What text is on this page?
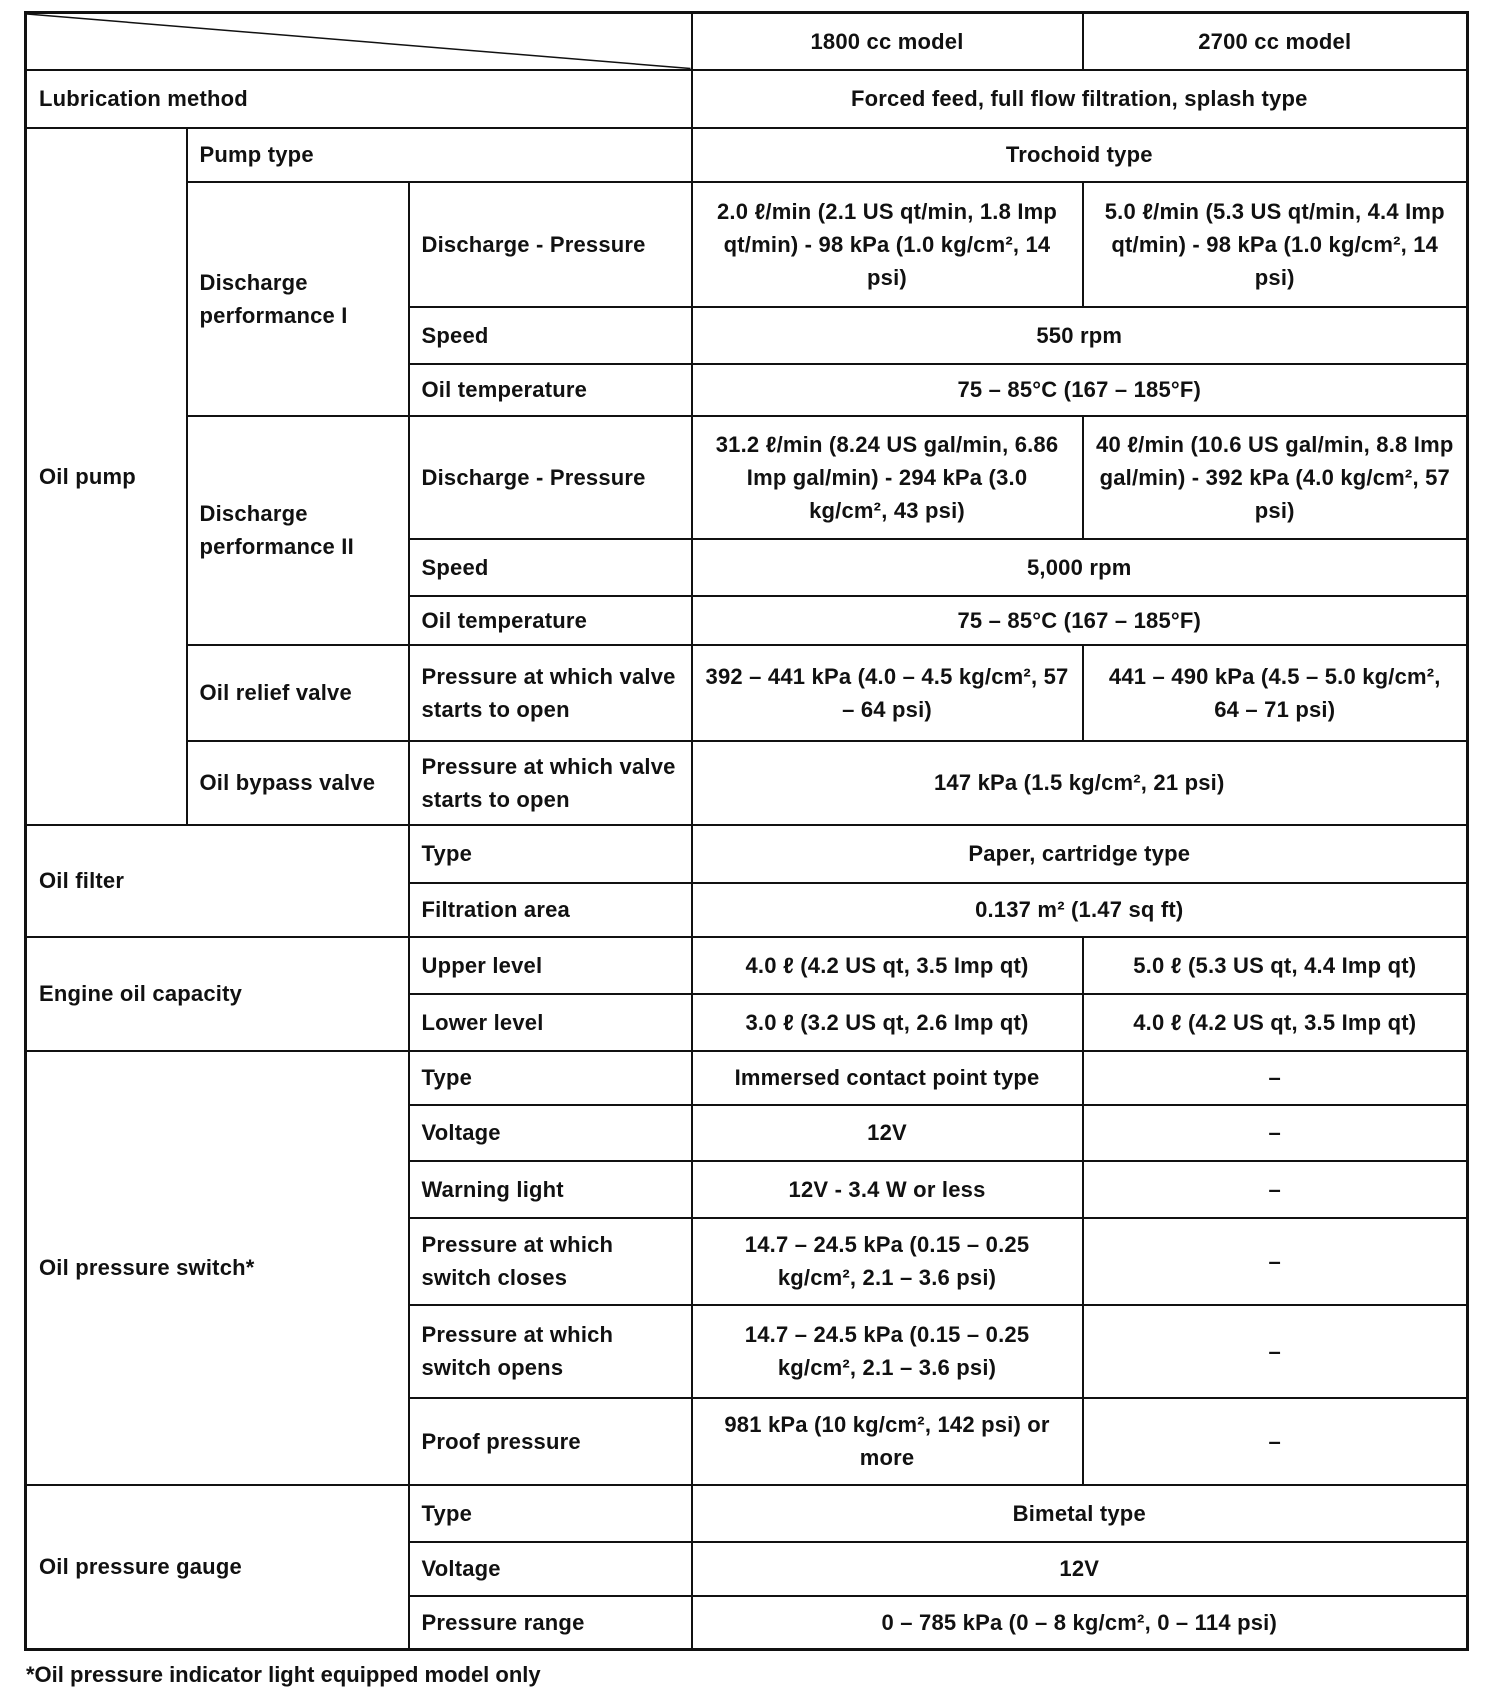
	1800 cc model	2700 cc model
Lubrication method			Forced feed, full flow filtration, splash type	
Oil pump	Pump type		Trochoid type	
	Discharge performance I	Discharge - Pressure	2.0 ℓ/min (2.1 US qt/min, 1.8 Imp qt/min) - 98 kPa (1.0 kg/cm², 14 psi)	5.0 ℓ/min (5.3 US qt/min, 4.4 Imp qt/min) - 98 kPa (1.0 kg/cm², 14 psi)
		Speed	550 rpm	
		Oil temperature	75 – 85°C (167 – 185°F)	
	Discharge performance II	Discharge - Pressure	31.2 ℓ/min (8.24 US gal/min, 6.86 Imp gal/min) - 294 kPa (3.0 kg/cm², 43 psi)	40 ℓ/min (10.6 US gal/min, 8.8 Imp gal/min) - 392 kPa (4.0 kg/cm², 57 psi)
		Speed	5,000 rpm	
		Oil temperature	75 – 85°C (167 – 185°F)	
	Oil relief valve	Pressure at which valve starts to open	392 – 441 kPa (4.0 – 4.5 kg/cm², 57 – 64 psi)	441 – 490 kPa (4.5 – 5.0 kg/cm², 64 – 71 psi)
	Oil bypass valve	Pressure at which valve starts to open	147 kPa (1.5 kg/cm², 21 psi)	
Oil filter		Type	Paper, cartridge type	
		Filtration area	0.137 m² (1.47 sq ft)	
Engine oil capacity		Upper level	4.0 ℓ (4.2 US qt, 3.5 Imp qt)	5.0 ℓ (5.3 US qt, 4.4 Imp qt)
		Lower level	3.0 ℓ (3.2 US qt, 2.6 Imp qt)	4.0 ℓ (4.2 US qt, 3.5 Imp qt)
Oil pressure switch*		Type	Immersed contact point type	–
		Voltage	12V	–
		Warning light	12V - 3.4 W or less	–
		Pressure at which switch closes	14.7 – 24.5 kPa (0.15 – 0.25 kg/cm², 2.1 – 3.6 psi)	–
		Pressure at which switch opens	14.7 – 24.5 kPa (0.15 – 0.25 kg/cm², 2.1 – 3.6 psi)	–
		Proof pressure	981 kPa (10 kg/cm², 142 psi) or more	–
Oil pressure gauge		Type	Bimetal type	
		Voltage	12V	
		Pressure range	0 – 785 kPa (0 – 8 kg/cm², 0 – 114 psi)	
*Oil pressure indicator light equipped model only
